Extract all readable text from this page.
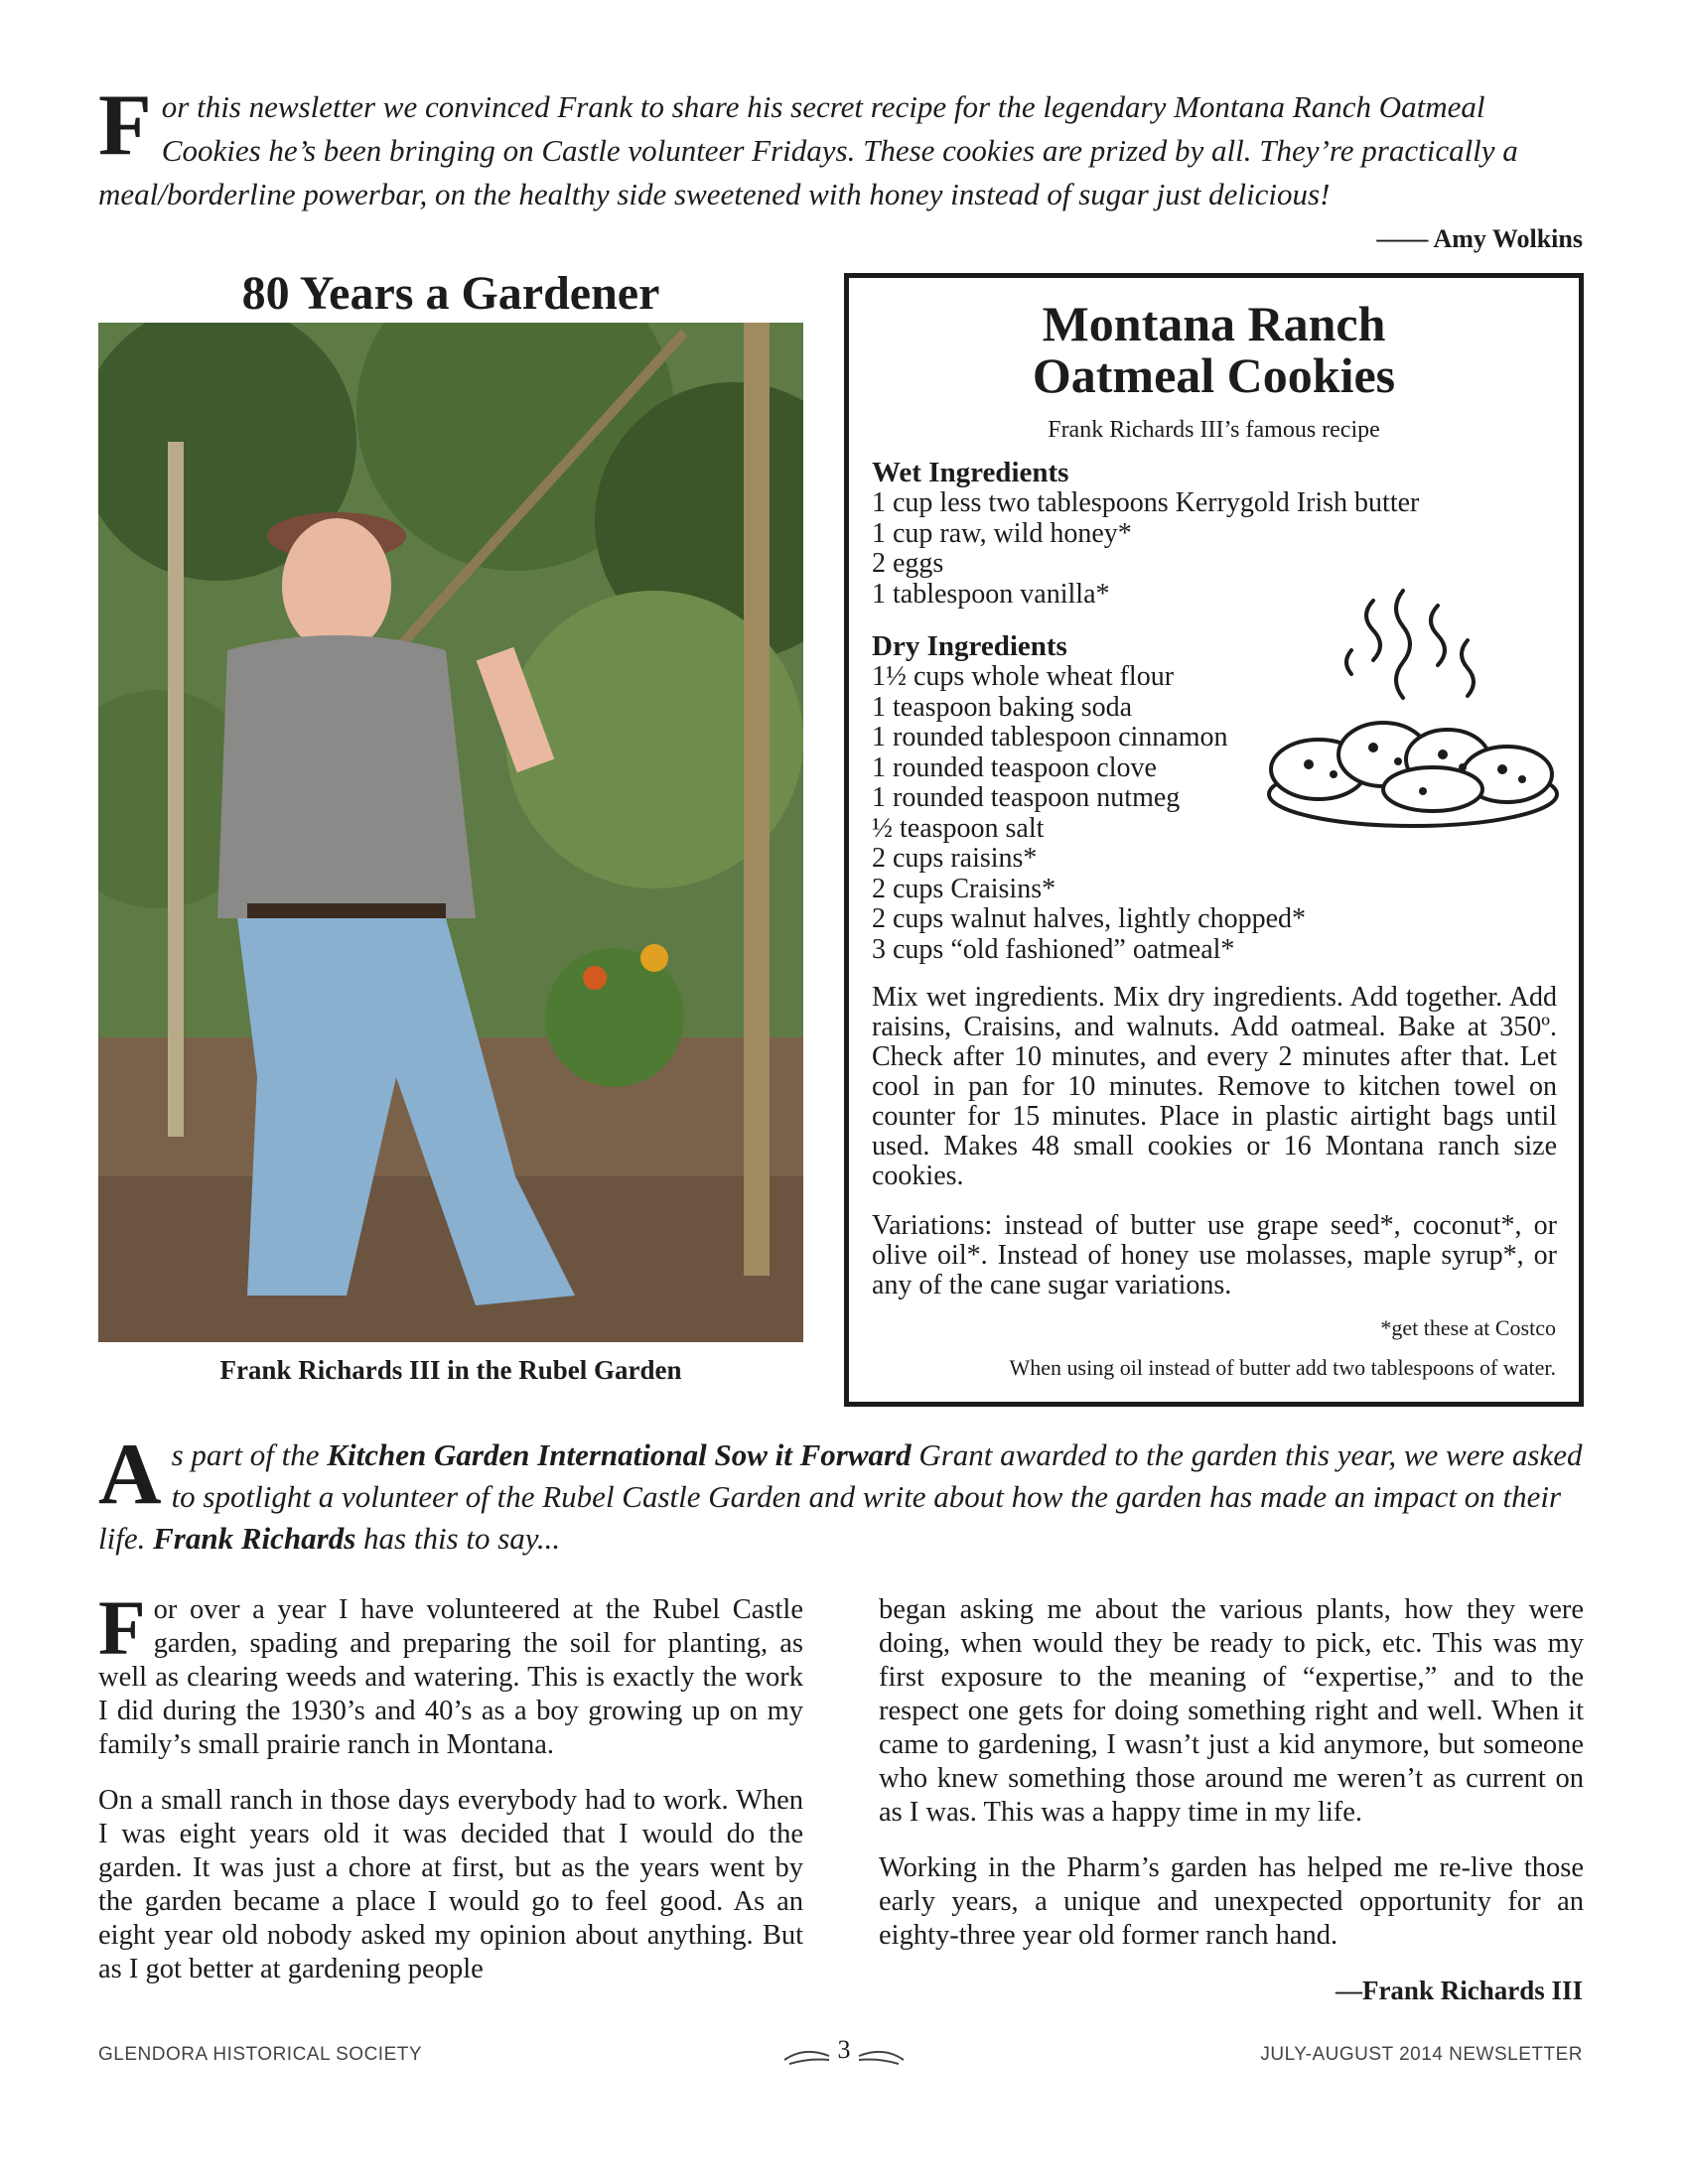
For this newsletter we convinced Frank to share his secret recipe for the legendary Montana Ranch Oatmeal Cookies he’s been bringing on Castle volunteer Fridays. These cookies are prized by all. They’re practically a meal/borderline powerbar, on the healthy side sweetened with honey instead of sugar just delicious!

—— Amy Wolkins
80 Years a Gardener
Frank Richards III in the Rubel Garden
Montana Ranch
Oatmeal Cookies
Frank Richards III’s famous recipe
Wet Ingredients
1 cup less two tablespoons Kerrygold Irish butter
1 cup raw, wild honey*
2 eggs
1 tablespoon vanilla*
Dry Ingredients
1½ cups whole wheat flour
1 teaspoon baking soda
1 rounded tablespoon cinnamon
1 rounded teaspoon clove
1 rounded teaspoon nutmeg
½ teaspoon salt
2 cups raisins*
2 cups Craisins*
2 cups walnut halves, lightly chopped*
3 cups “old fashioned” oatmeal*

Mix wet ingredients. Mix dry ingredients. Add together. Add raisins, Craisins, and walnuts. Add oatmeal. Bake at 350º. Check after 10 minutes, and every 2 minutes after that. Let cool in pan for 10 minutes. Remove to kitchen towel on counter for 15 minutes. Place in plastic airtight bags until used. Makes 48 small cookies or 16 Montana ranch size cookies.

Variations: instead of butter use grape seed*, coconut*, or olive oil*. Instead of honey use molasses, maple syrup*, or any of the cane sugar variations.

*get these at Costco
When using oil instead of butter add two tablespoons of water.

As part of the Kitchen Garden International Sow it Forward Grant awarded to the garden this year, we were asked to spotlight a volunteer of the Rubel Castle Garden and write about how the garden has made an impact on their life. Frank Richards has this to say...

For over a year I have volunteered at the Rubel Castle garden, spading and preparing the soil for planting, as well as clearing weeds and watering. This is exactly the work I did during the 1930’s and 40’s as a boy growing up on my family’s small prairie ranch in Montana.

On a small ranch in those days everybody had to work. When I was eight years old it was decided that I would do the garden. It was just a chore at first, but as the years went by the garden became a place I would go to feel good. As an eight year old nobody asked my opinion about anything. But as I got better at gardening people

began asking me about the various plants, how they were doing, when would they be ready to pick, etc. This was my first exposure to the meaning of “expertise,” and to the respect one gets for doing something right and well. When it came to gardening, I wasn’t just a kid anymore, but someone who knew something those around me weren’t as current on as I was. This was a happy time in my life.

Working in the Pharm’s garden has helped me re-live those early years, a unique and unexpected opportunity for an eighty-three year old former ranch hand.

—Frank Richards III
GLENDORA HISTORICAL SOCIETY	3	JULY-AUGUST 2014 NEWSLETTER
